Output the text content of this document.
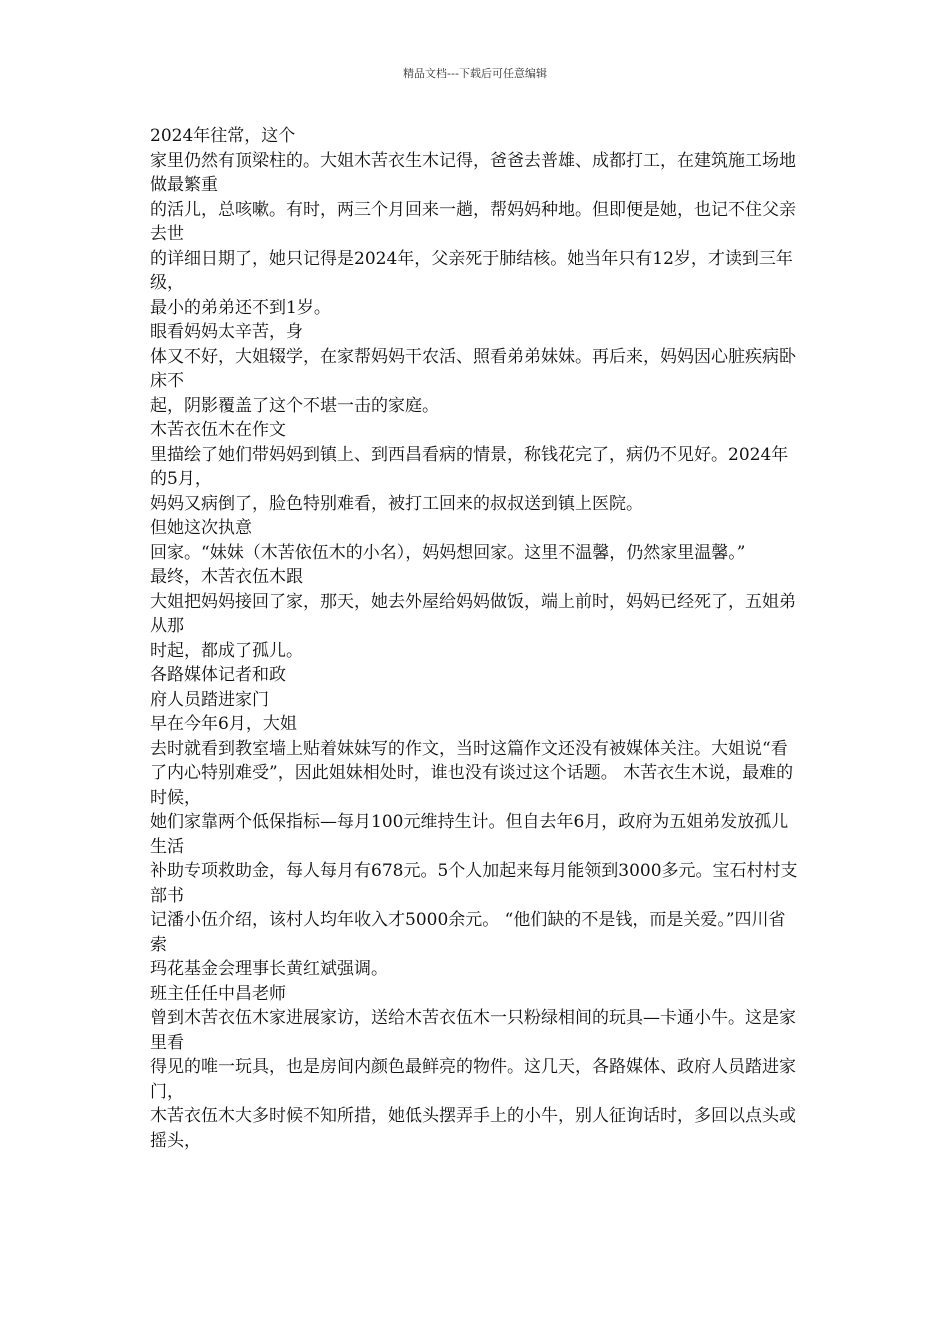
精品文档---下载后可任意编辑

2024年往常，这个

家里仍然有顶梁柱的。大姐木苦衣生木记得，爸爸去普雄、成都打工，在建筑施工场地做最繁重

的活儿，总咳嗽。有时，两三个月回来一趟，帮妈妈种地。但即便是她，也记不住父亲去世

的详细日期了，她只记得是2024年，父亲死于肺结核。她当年只有12岁，才读到三年级，

最小的弟弟还不到1岁。

眼看妈妈太辛苦，身

体又不好，大姐辍学，在家帮妈妈干农活、照看弟弟妹妹。再后来，妈妈因心脏疾病卧床不

起，阴影覆盖了这个不堪一击的家庭。

木苦衣伍木在作文

里描绘了她们带妈妈到镇上、到西昌看病的情景，称钱花完了，病仍不见好。2024年的5月，

妈妈又病倒了，脸色特别难看，被打工回来的叔叔送到镇上医院。

但她这次执意

回家。“妹妹（木苦依伍木的小名），妈妈想回家。这里不温馨，仍然家里温馨。”

最终，木苦衣伍木跟

大姐把妈妈接回了家，那天，她去外屋给妈妈做饭，端上前时，妈妈已经死了，五姐弟从那

时起，都成了孤儿。

各路媒体记者和政

府人员踏进家门

早在今年6月，大姐

去时就看到教室墙上贴着妹妹写的作文，当时这篇作文还没有被媒体关注。大姐说“看

了内心特别难受”，因此姐妹相处时，谁也没有谈过这个话题。 木苦衣生木说，最难的时候，

她们家靠两个低保指标—每月100元维持生计。但自去年6月，政府为五姐弟发放孤儿生活

补助专项救助金，每人每月有678元。5个人加起来每月能领到3000多元。宝石村村支部书

记潘小伍介绍，该村人均年收入才5000余元。 “他们缺的不是钱，而是关爱。”四川省索

玛花基金会理事长黄红斌强调。

班主任任中昌老师

曾到木苦衣伍木家进展家访，送给木苦衣伍木一只粉绿相间的玩具—卡通小牛。这是家里看

得见的唯一玩具，也是房间内颜色最鲜亮的物件。这几天，各路媒体、政府人员踏进家门，

木苦衣伍木大多时候不知所措，她低头摆弄手上的小牛，别人征询话时，多回以点头或摇头，
